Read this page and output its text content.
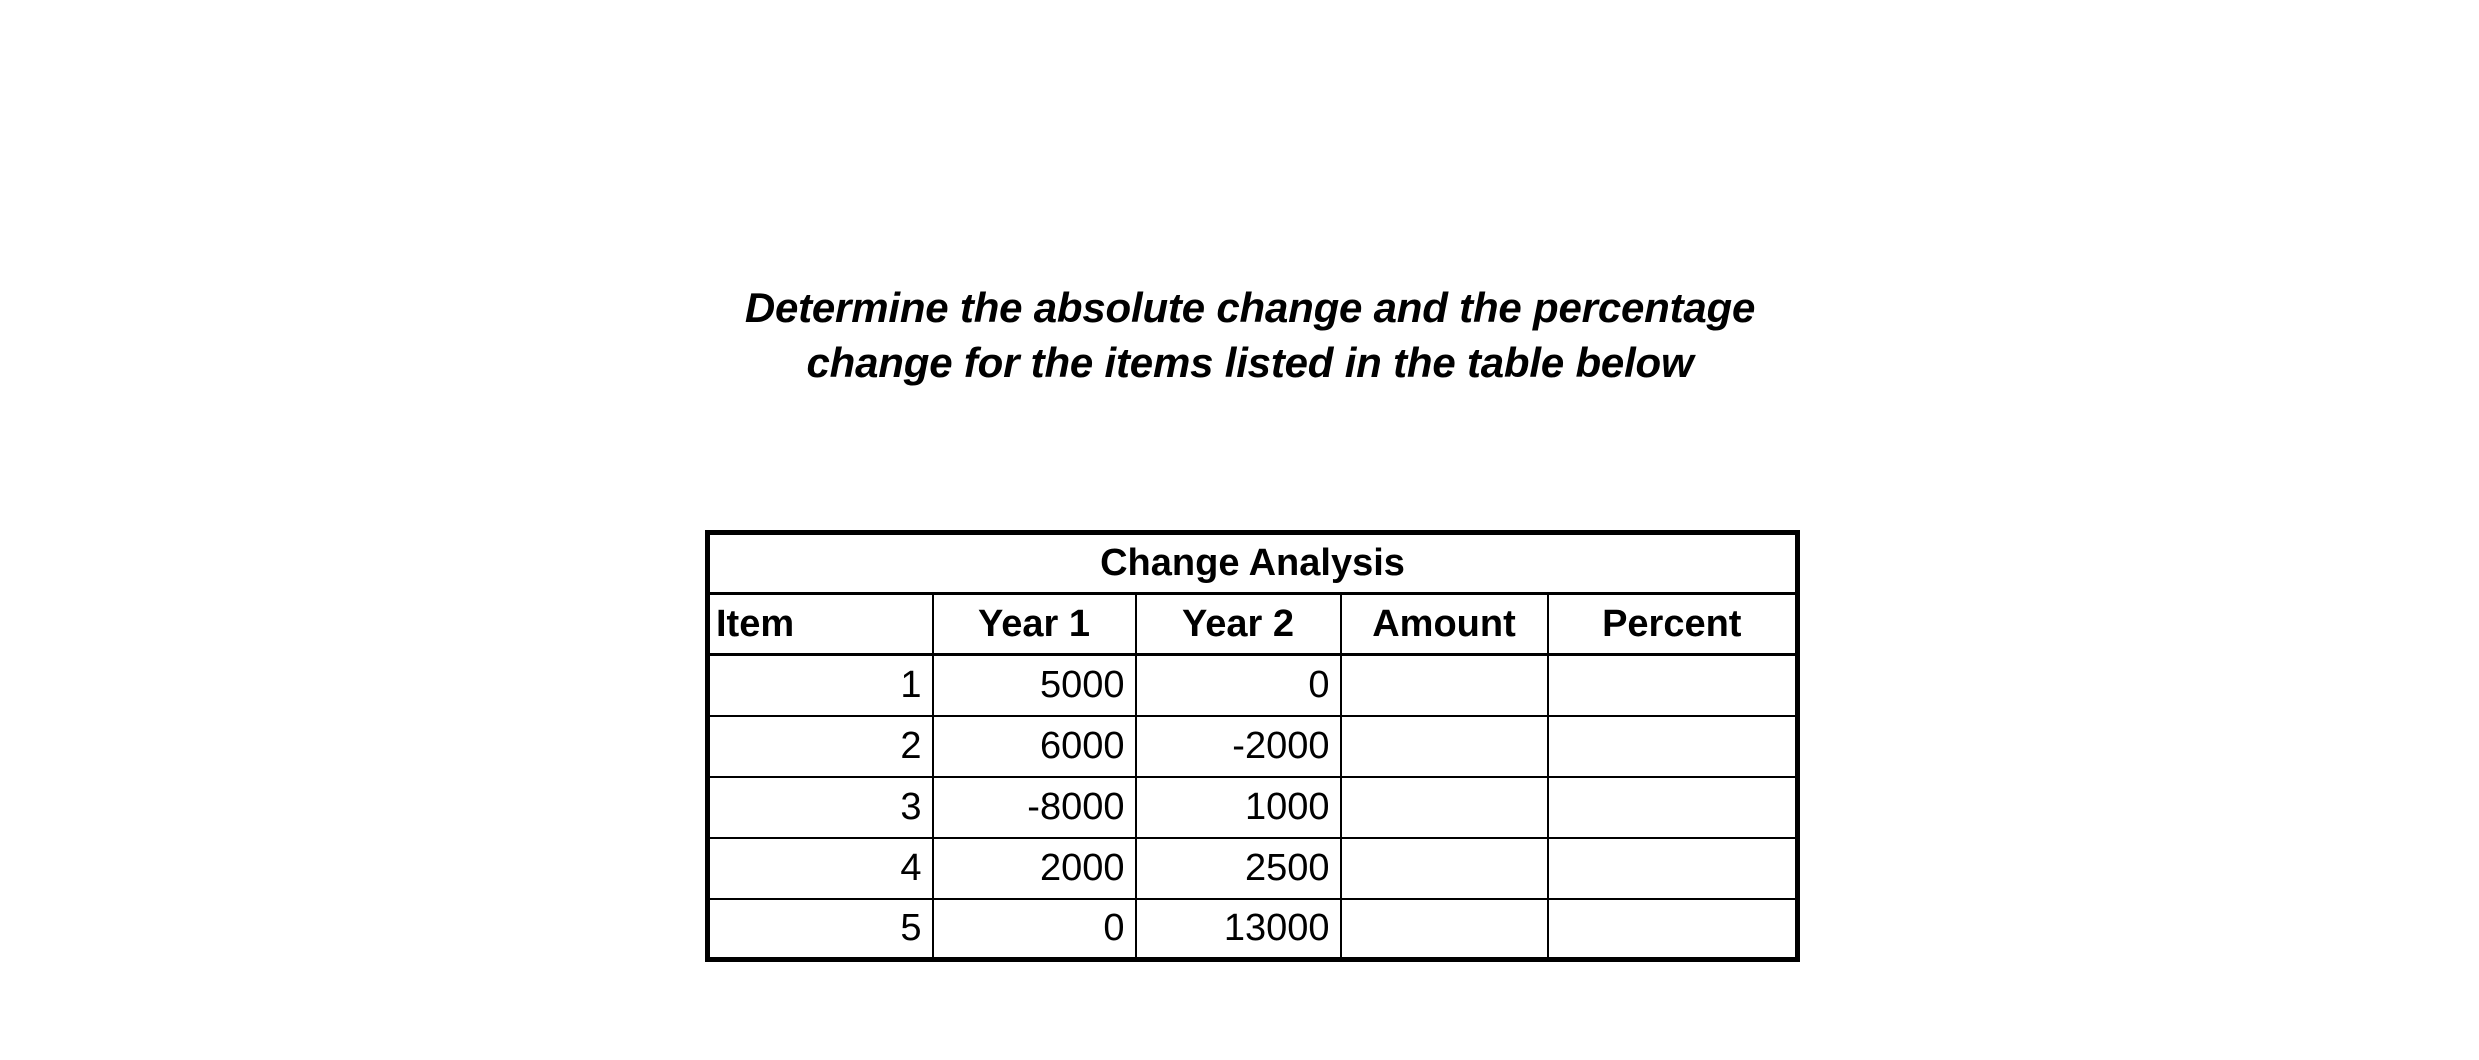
Determine the absolute change and the percentage change for the items listed in the table below
Change Analysis				
Item	Year 1	Year 2	Amount	Percent
1	5000	0		
2	6000	-2000		
3	-8000	1000		
4	2000	2500		
5	0	13000		
